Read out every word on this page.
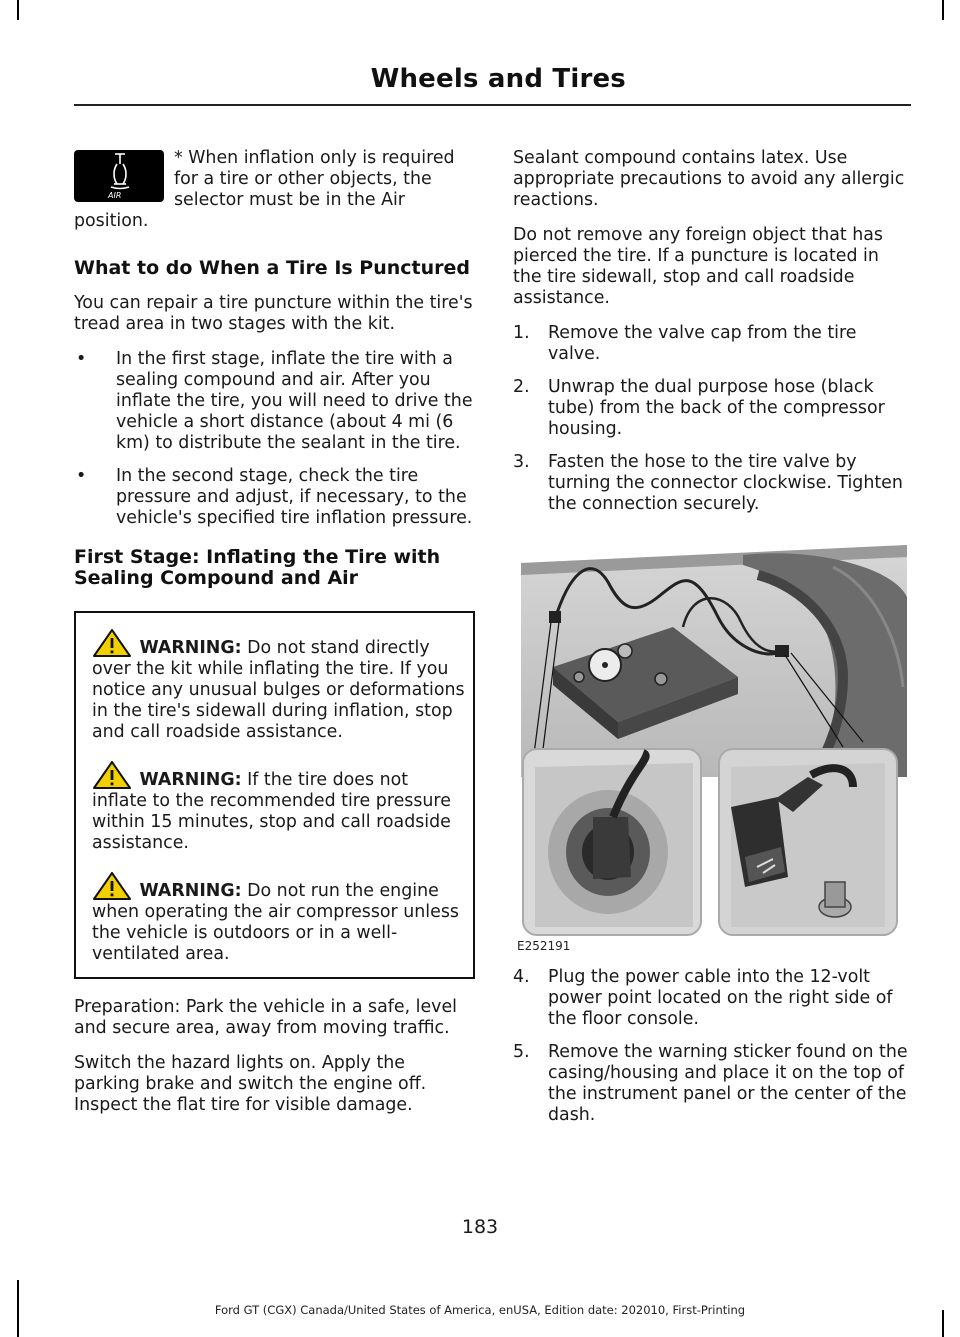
Wheels and Tires
AIR

* When inflation only is required for a tire or other objects, the selector must be in the Air position.

What to do When a Tire Is Punctured

You can repair a tire puncture within the tire's tread area in two stages with the kit.

• In the first stage, inflate the tire with a sealing compound and air. After you inflate the tire, you will need to drive the vehicle a short distance (about 4 mi (6 km) to distribute the sealant in the tire.
• In the second stage, check the tire pressure and adjust, if necessary, to the vehicle's specified tire inflation pressure.
First Stage: Inflating the Tire with Sealing Compound and Air
WARNING: Do not stand directly over the kit while inflating the tire. If you notice any unusual bulges or deformations in the tire's sidewall during inflation, stop and call roadside assistance.
WARNING: If the tire does not inflate to the recommended tire pressure within 15 minutes, stop and call roadside assistance.
WARNING: Do not run the engine when operating the air compressor unless the vehicle is outdoors or in a well-ventilated area.

Preparation: Park the vehicle in a safe, level and secure area, away from moving traffic.

Switch the hazard lights on. Apply the parking brake and switch the engine off. Inspect the flat tire for visible damage.

Sealant compound contains latex. Use appropriate precautions to avoid any allergic reactions.

Do not remove any foreign object that has pierced the tire. If a puncture is located in the tire sidewall, stop and call roadside assistance.

1. Remove the valve cap from the tire valve.
2. Unwrap the dual purpose hose (black tube) from the back of the compressor housing.
3. Fasten the hose to the tire valve by turning the connector clockwise. Tighten the connection securely.
E252191
4. Plug the power cable into the 12-volt power point located on the right side of the floor console.
5. Remove the warning sticker found on the casing/housing and place it on the top of the instrument panel or the center of the dash.
183
Ford GT (CGX) Canada/United States of America, enUSA, Edition date: 202010, First-Printing
